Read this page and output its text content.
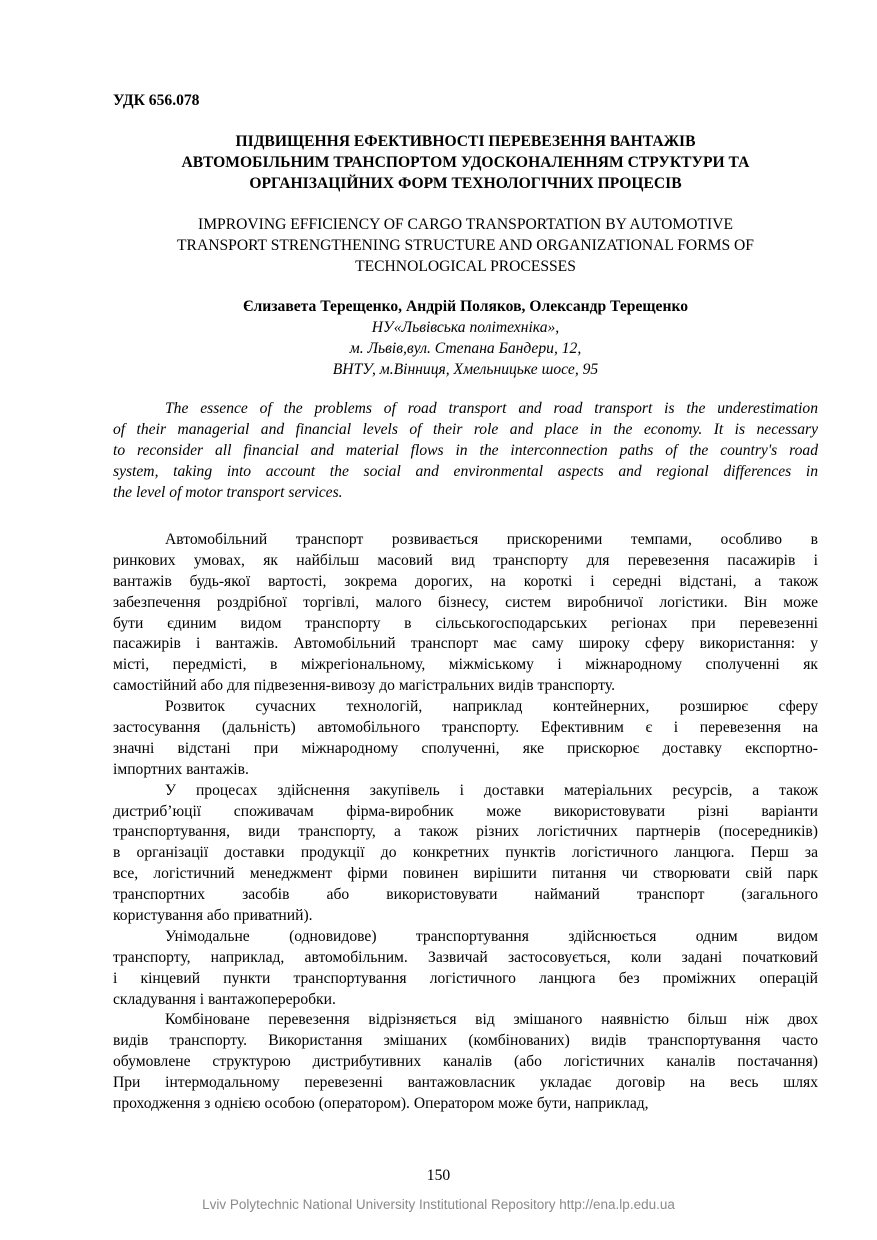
УДК 656.078
ПІДВИЩЕННЯ ЕФЕКТИВНОСТІ ПЕРЕВЕЗЕННЯ ВАНТАЖІВ
АВТОМОБІЛЬНИМ ТРАНСПОРТОМ УДОСКОНАЛЕННЯМ СТРУКТУРИ ТА
ОРГАНІЗАЦІЙНИХ ФОРМ ТЕХНОЛОГІЧНИХ ПРОЦЕСІВ
IMPROVING EFFICIENCY OF CARGO TRANSPORTATION BY AUTOMOTIVE
TRANSPORT STRENGTHENING STRUCTURE AND ORGANIZATIONAL FORMS OF
TECHNOLOGICAL PROCESSES
Єлизавета Терещенко, Андрій Поляков, Олександр Терещенко
НУ«Львівська політехніка»,
м. Львів,вул. Степана Бандери, 12,
ВНТУ, м.Вінниця, Хмельницьке шосе, 95
The essence of the problems of road transport and road transport is the underestimation
of their managerial and financial levels of their role and place in the economy. It is necessary
to reconsider all financial and material flows in the interconnection paths of the country's road
system, taking into account the social and environmental aspects and regional differences in
the level of motor transport services.
Автомобільний транспорт розвивається прискореними темпами, особливо в
ринкових умовах, як найбільш масовий вид транспорту для перевезення пасажирів і
вантажів будь-якої вартості, зокрема дорогих, на короткі і середні відстані, а також
забезпечення роздрібної торгівлі, малого бізнесу, систем виробничої логістики. Він може
бути єдиним видом транспорту в сільськогосподарських регіонах при перевезенні
пасажирів і вантажів. Автомобільний транспорт має саму широку сферу використання: у
місті, передмісті, в міжрегіональному, міжміському і міжнародному сполученні як
самостійний або для підвезення-вивозу до магістральних видів транспорту.
Розвиток сучасних технологій, наприклад контейнерних, розширює сферу
застосування (дальність) автомобільного транспорту. Ефективним є і перевезення на
значні відстані при міжнародному сполученні, яке прискорює доставку експортно-
імпортних вантажів.
У процесах здійснення закупівель і доставки матеріальних ресурсів, а також
дистриб’юції споживачам фірма-виробник може використовувати різні варіанти
транспортування, види транспорту, а також різних логістичних партнерів (посередників)
в організації доставки продукції до конкретних пунктів логістичного ланцюга. Перш за
все, логістичний менеджмент фірми повинен вирішити питання чи створювати свій парк
транспортних засобів або використовувати найманий транспорт (загального
користування або приватний).
Унімодальне (одновидове) транспортування здійснюється одним видом
транспорту, наприклад, автомобільним. Зазвичай застосовується, коли задані початковий
і кінцевий пункти транспортування логістичного ланцюга без проміжних операцій
складування і вантажопереробки.
Комбіноване перевезення відрізняється від змішаного наявністю більш ніж двох
видів транспорту. Використання змішаних (комбінованих) видів транспортування часто
обумовлене структурою дистрибутивних каналів (або логістичних каналів постачання)
При інтермодальному перевезенні вантажовласник укладає договір на весь шлях
проходження з однією особою (оператором). Оператором може бути, наприклад,
150
Lviv Polytechnic National University Institutional Repository http://ena.lp.edu.ua
